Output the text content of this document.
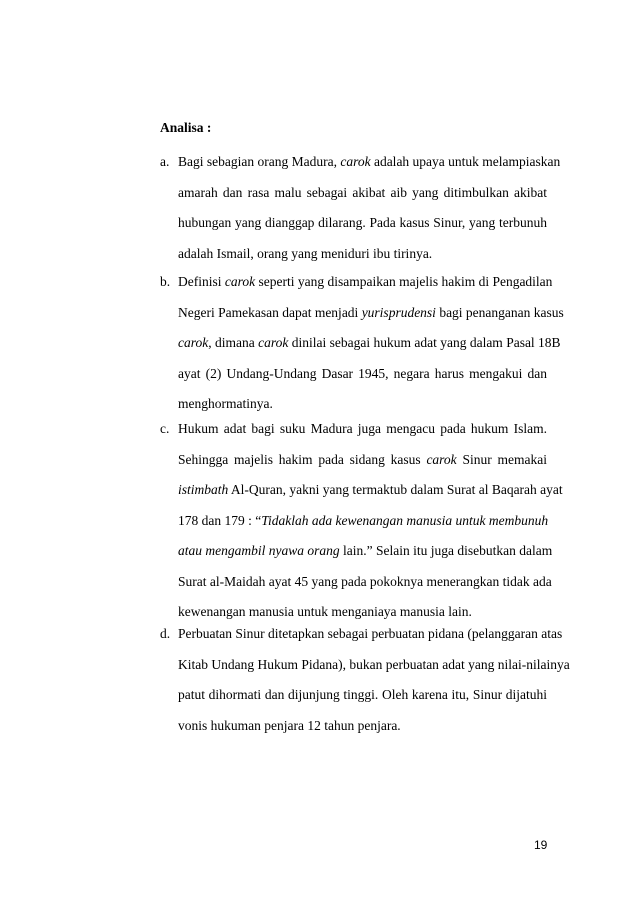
Analisa :

a. Bagi sebagian orang Madura, carok adalah upaya untuk melampiaskan
amarah dan rasa malu sebagai akibat aib yang ditimbulkan akibat
hubungan yang dianggap dilarang. Pada kasus Sinur, yang terbunuh
adalah Ismail, orang yang meniduri ibu tirinya.
b. Definisi carok seperti yang disampaikan majelis hakim di Pengadilan
Negeri Pamekasan dapat menjadi yurisprudensi bagi penanganan kasus
carok, dimana carok dinilai sebagai hukum adat yang dalam Pasal 18B
ayat (2) Undang-Undang Dasar 1945, negara harus mengakui dan
menghormatinya.
c. Hukum adat bagi suku Madura juga mengacu pada hukum Islam.
Sehingga majelis hakim pada sidang kasus carok Sinur memakai
istimbath Al-Quran, yakni yang termaktub dalam Surat al Baqarah ayat
178 dan 179 : “Tidaklah ada kewenangan manusia untuk membunuh
atau mengambil nyawa orang lain.” Selain itu juga disebutkan dalam
Surat al-Maidah ayat 45 yang pada pokoknya menerangkan tidak ada
kewenangan manusia untuk menganiaya manusia lain.
d. Perbuatan Sinur ditetapkan sebagai perbuatan pidana (pelanggaran atas
Kitab Undang Hukum Pidana), bukan perbuatan adat yang nilai-nilainya
patut dihormati dan dijunjung tinggi. Oleh karena itu, Sinur dijatuhi
vonis hukuman penjara 12 tahun penjara.
19
